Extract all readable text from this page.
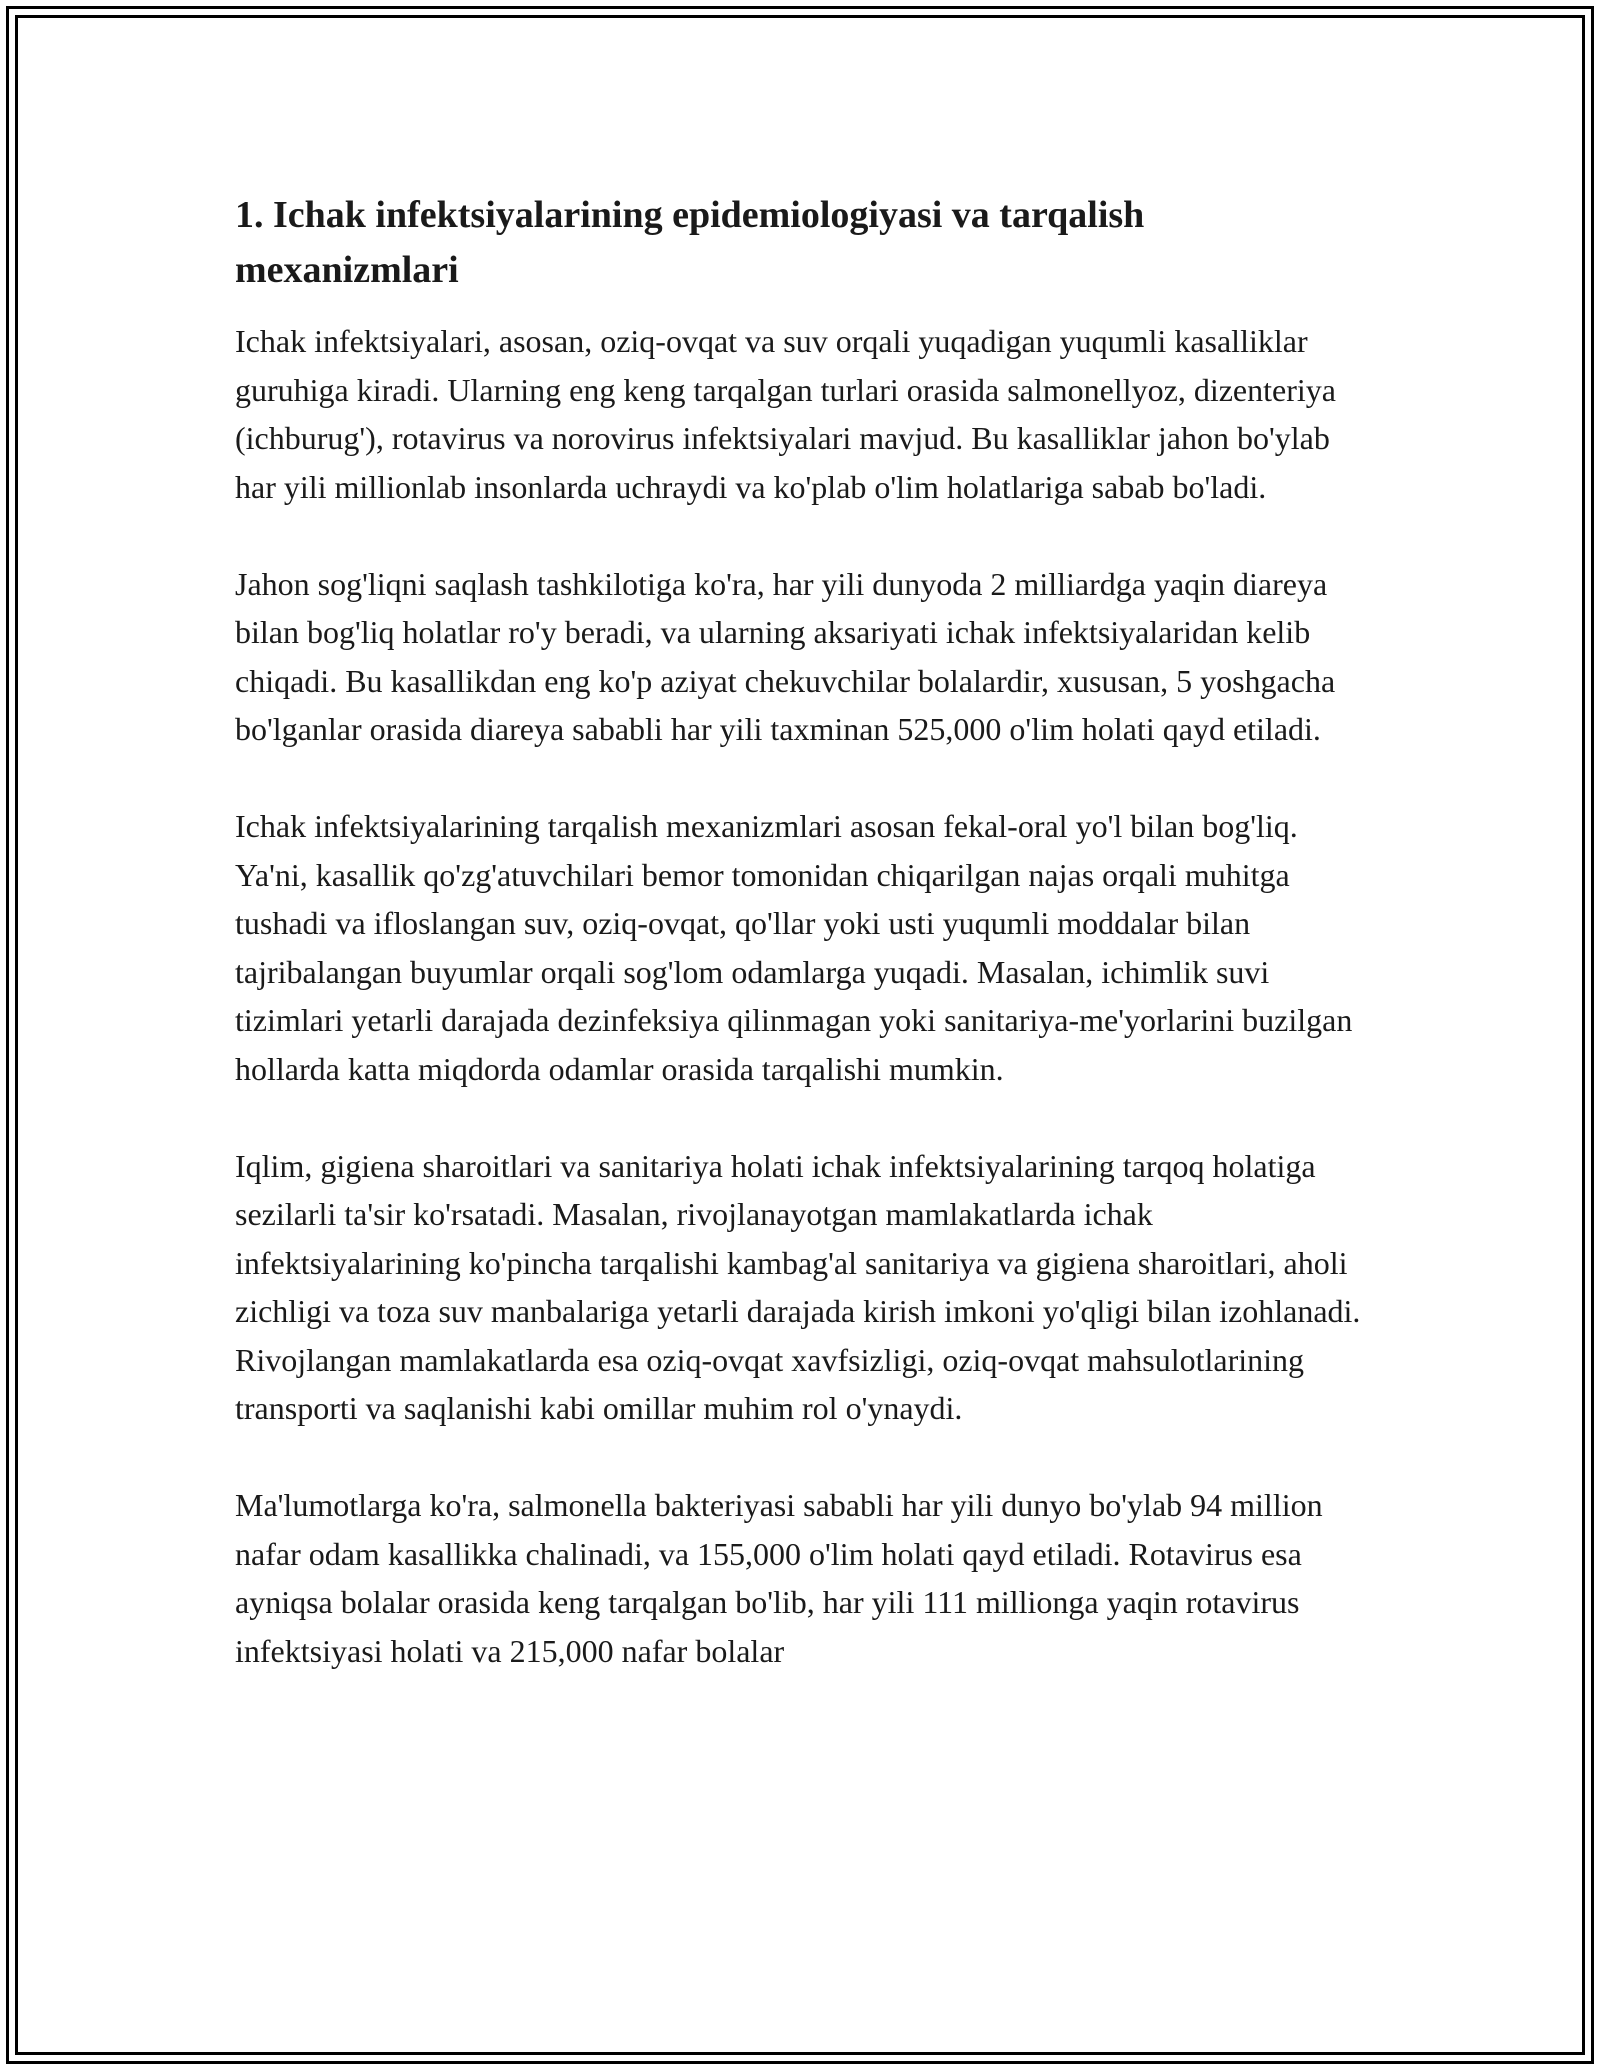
1. Ichak infektsiyalarining epidemiologiyasi va tarqalish mexanizmlari

Ichak infektsiyalari, asosan, oziq-ovqat va suv orqali yuqadigan yuqumli kasalliklar guruhiga kiradi. Ularning eng keng tarqalgan turlari orasida salmonellyoz, dizenteriya (ichburug'), rotavirus va norovirus infektsiyalari mavjud. Bu kasalliklar jahon bo'ylab har yili millionlab insonlarda uchraydi va ko'plab o'lim holatlariga sabab bo'ladi.

Jahon sog'liqni saqlash tashkilotiga ko'ra, har yili dunyoda 2 milliardga yaqin diareya bilan bog'liq holatlar ro'y beradi, va ularning aksariyati ichak infektsiyalaridan kelib chiqadi. Bu kasallikdan eng ko'p aziyat chekuvchilar bolalardir, xususan, 5 yoshgacha bo'lganlar orasida diareya sababli har yili taxminan 525,000 o'lim holati qayd etiladi.

Ichak infektsiyalarining tarqalish mexanizmlari asosan fekal-oral yo'l bilan bog'liq. Ya'ni, kasallik qo'zg'atuvchilari bemor tomonidan chiqarilgan najas orqali muhitga tushadi va ifloslangan suv, oziq-ovqat, qo'llar yoki usti yuqumli moddalar bilan tajribalangan buyumlar orqali sog'lom odamlarga yuqadi. Masalan, ichimlik suvi tizimlari yetarli darajada dezinfeksiya qilinmagan yoki sanitariya-me'yorlarini buzilgan hollarda katta miqdorda odamlar orasida tarqalishi mumkin.

Iqlim, gigiena sharoitlari va sanitariya holati ichak infektsiyalarining tarqoq holatiga sezilarli ta'sir ko'rsatadi. Masalan, rivojlanayotgan mamlakatlarda ichak infektsiyalarining ko'pincha tarqalishi kambag'al sanitariya va gigiena sharoitlari, aholi zichligi va toza suv manbalariga yetarli darajada kirish imkoni yo'qligi bilan izohlanadi. Rivojlangan mamlakatlarda esa oziq-ovqat xavfsizligi, oziq-ovqat mahsulotlarining transporti va saqlanishi kabi omillar muhim rol o'ynaydi.

Ma'lumotlarga ko'ra, salmonella bakteriyasi sababli har yili dunyo bo'ylab 94 million nafar odam kasallikka chalinadi, va 155,000 o'lim holati qayd etiladi. Rotavirus esa ayniqsa bolalar orasida keng tarqalgan bo'lib, har yili 111 millionga yaqin rotavirus infektsiyasi holati va 215,000 nafar bolalar
